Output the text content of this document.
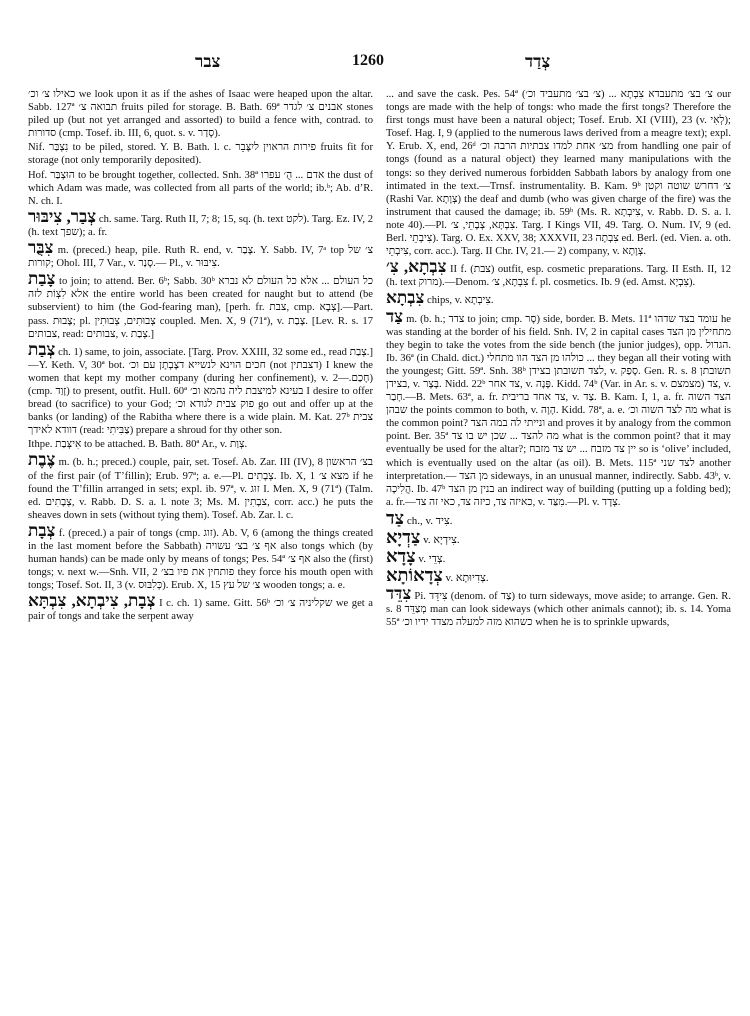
צבר	1260	צְדַד

כאילו צ׳ וכ׳ we look upon it as if the ashes of Isaac were heaped upon the altar. Sabb. 127ª תבואה צ׳ fruits piled for storage. B. Bath. 69ª אבנים צ׳ לגדר stones piled up (but not yet arranged and assorted) to build a fence with, contrad. to סדורות (cmp. Tosef. ib. III, 6, quot. s. v. סָדַר).

Nif. נִצְבַּר to be piled, stored. Y. B. Bath. l. c. פירות הראוין ליִצָּבֵר fruits fit for storage (not only temporarily deposited).

Hof. הוּצְבַּר to be brought together, collected. Snh. 38ª אדם ... הֻ׳ עפרו the dust of which Adam was made, was collected from all parts of the world; ib.ᵇ; Ab. d’R. N. ch. I.

צְבַר, צִיבּוּר ch. same. Targ. Ruth II, 7; 8; 15, sq. (h. text לקט). Targ. Ez. IV, 2 (h. text שפך); a. fr.

צִבֻּר m. (preced.) heap, pile. Ruth R. end, v. צָבַר. Y. Sabb. IV, 7ᵃ top צ׳ של קורות; Ohol. III, 7 Var., v. סָנַר.— Pl., v. צִיבּוּר.

צָבַת to join; to attend. Ber. 6ᵇ; Sabb. 30ᵇ כל העולם ... אלא כל העולם לא נברא אלא לִצְוֹת לזה the entire world has been created for naught but to attend (be subservient) to him (the God-fearing man), [perh. fr. צבת, cmp. צְבָא].—Part. pass. צָבוּת; pl. צְבוּתִים, צְבוּתִין coupled. Men. X, 9 (71ª), v. צָבַת. [Lev. R. s. 17 צבותים, read: צבותים, v. צְבַת.]

צְבַת ch. 1) same, to join, associate. [Targ. Prov. XXIII, 32 some ed., read צְבַת.]—Y. Keth. V, 30ª bot. חכים הוינא לנשייא דצָבְתָן עם וכ׳ (not דצבתין) I knew the women that kept my mother company (during her confinement), v. חָכַם.—2) (cmp. זָוַד) to present, outfit. Hull. 60ª בעינא למיצבת ליה נהמא וכ׳ I desire to offer bread (to sacrifice) to your God; פוק צבית לגודא וכ׳ go out and offer up at the banks (or landing) of the Rabitha where there is a wide plain. M. Kat. 27ᵇ צבית דוודא לאידך (read: צַבִּיתִי) prepare a shroud for thy other son.

Ithpe. אִיצְּבַת to be attached. B. Bath. 80ª Ar., v. צְוַת.

צֶבֶת m. (b. h.; preced.) couple, pair, set. Tosef. Ab. Zar. III (IV), 8 בצ׳ הראשון of the first pair (of T’fillin); Erub. 97ª; a. e.—Pl. צְבָתִים. Ib. X, 1 מצא צ׳ if he found the T’fillin arranged in sets; expl. ib. 97ª, v. זוּג I. Men. X, 9 (71ª) (Talm. ed. צְבָתִים, v. Rabb. D. S. a. l. note 3; Ms. M. צבָתִין, corr. acc.) he puts the sheaves down in sets (without tying them). Tosef. Ab. Zar. l. c.

צְבָת f. (preced.) a pair of tongs (cmp. זוג). Ab. V, 6 (among the things created in the last moment before the Sabbath) אף צ׳ בצ׳ עשויה also tongs which (by human hands) can be made only by means of tongs; Pes. 54ª אף צ׳ also the (first) tongs; v. next w.—Snh. VII, 2 פותחין את פיו בצ׳ they force his mouth open with tongs; Tosef. Sot. II, 3 (v. כְּלִבּוּס). Erub. X, 15 צ׳ של עץ wooden tongs; a. e.

צְבָת, צִיבְתָא, צִבְתָּא I c. ch. 1) same. Gitt. 56ᵇ שקליניה צ׳ וכ׳ we get a pair of tongs and take the serpent away

... and save the cask. Pes. 54ª צ׳ בצ׳ מתעבדא צִבְתָא ... (צ׳ בצ׳ מתעביד וכ׳) our tongs are made with the help of tongs: who made the first tongs? Therefore the first tongs must have been a natural object; Tosef. Erub. XI (VIII), 23 (v. לְאִי); Tosef. Hag. I, 9 (applied to the numerous laws derived from a meagre text); expl. Y. Erub. X, end, 26ᵈ מצ׳ אחת למדו צבתיות הרבה וכ׳ from handling one pair of tongs (found as a natural object) they learned many manipulations with the tongs: so they derived numerous forbidden Sabbath labors by analogy from one intimated in the text.—Trnsf. instrumentality. B. Kam. 9ᵇ צ׳ דחרש שוטה וקטן (Rashi Var. צְוָתָא) the deaf and dumb (who was given charge of the fire) was the instrument that caused the damage; ib. 59ᵇ (Ms. R. צִיבְתָא, v. Rabb. D. S. a. l. note 40).—Pl. צִבְתָּא, צְבָתֵי, צ׳. Targ. I Kings VII, 49. Targ. O. Num. IV, 9 (ed. Berl. צִיבְתֵי). Targ. O. Ex. XXV, 38; XXXVII, 23 צִבְתָה ed. Berl. (ed. Vien. a. oth. צִיבְתֵי, corr. acc.). Targ. II Chr. IV, 21.— 2) company, v. צְוָתָא.

צִבְתָא, צִ׳ II f. (צבת) outfit, esp. cosmetic preparations. Targ. II Esth. II, 12 (h. text מרוק).—Denom. צִבְתָא, צ׳ f. pl. cosmetics. Ib. 9 (ed. Amst. צִבְיָא).

צִבְתָא chips, v. צִיבְתָא.

צַד m. (b. h.; צדד to join; cmp. סָר) side, border. B. Mets. 11ª עומד בצד שדהו he was standing at the border of his field. Snh. IV, 2 in capital cases מתחילין מן הצד they begin to take the votes from the side bench (the junior judges), opp. הגדול. Ib. 36ª (in Chald. dict.) כולהו מן הצד הוו מתחלי ... they began all their voting with the youngest; Gitt. 59ª. Snh. 38ᵇ לצד תשובתן בצידן, v. סָפַק. Gen. R. s. 8 תשובתן בצידן, v. בָּצָר. Nidd. 22ᵇ צד אחר, v. פָּנָה. Kidd. 74ᵇ (Var. in Ar. s. v. מצמצם) צד, v. חָבַר.—B. Mets. 63ª, a. fr. צד אחד בריבית, v. צַד. B. Kam. I, 1, a. fr. הצד השוה שבהן the points common to both, v. הָוָה. Kidd. 78ª, a. e. מה לצד השוה וכ׳ what is the common point? ונייתי לה במה הצד and proves it by analogy from the common point. Ber. 35ª מה להצד ... שכן יש בו צד what is the common point? that it may eventually be used for the altar?; יין צד מזבח ... יש צד מזבח so is ‘olive’ included, which is eventually used on the altar (as oil). B. Mets. 115ª לצד שני another interpretation.— מן הצד sideways, in an unusual manner, indirectly. Sabb. 43ᵇ, v. הֲלִיכָה. Ib. 47ᵇ בנין מן הצד an indirect way of building (putting up a folding bed); a. fr.—כאיזה צד, כיזה צד, כאי זה צד, v. מִצַּד.—Pl. v. צְדָד.

צַד ch., v. צִיד.

צַדְיָא v. צִידְיָא.

צָדָא v. צְדֵי.

צְדָאוֹתָא v. צְדִיוּתָא.

צִדֵּד Pi. צִידֵּד (denom. of צַד) to turn sideways, move aside; to arrange. Gen. R. s. 8 מְצַדֵּד man can look sideways (which other animals cannot); ib. s. 14. Yoma 55ª כשהוא מזה למעלה מצדד ידיו וכ׳ when he is to sprinkle upwards,
